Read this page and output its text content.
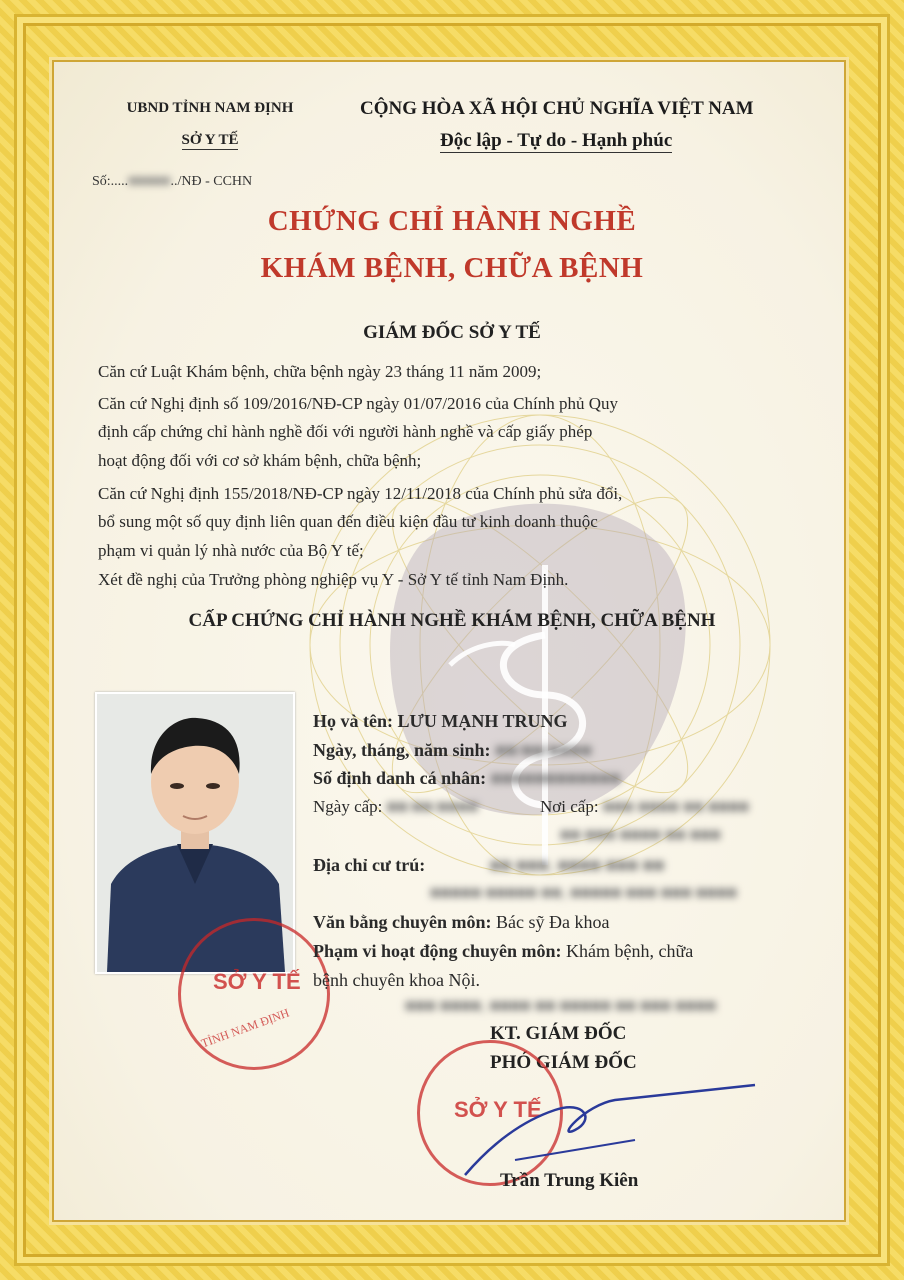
UBND TỈNH NAM ĐỊNH
SỞ Y TẾ
Số:.....■■■■■../NĐ - CCHN
CỘNG HÒA XÃ HỘI CHỦ NGHĨA VIỆT NAM
Độc lập - Tự do - Hạnh phúc
CHỨNG CHỈ HÀNH NGHỀ
KHÁM BỆNH, CHỮA BỆNH
GIÁM ĐỐC SỞ Y TẾ
Căn cứ Luật Khám bệnh, chữa bệnh ngày 23 tháng 11 năm 2009;
Căn cứ Nghị định số 109/2016/NĐ-CP ngày 01/07/2016 của Chính phủ Quy
định cấp chứng chỉ hành nghề đối với người hành nghề và cấp giấy phép
hoạt động đối với cơ sở khám bệnh, chữa bệnh;
Căn cứ Nghị định 155/2018/NĐ-CP ngày 12/11/2018 của Chính phủ sửa đổi,
bổ sung một số quy định liên quan đến điều kiện đầu tư kinh doanh thuộc
phạm vi quản lý nhà nước của Bộ Y tế;
Xét đề nghị của Trưởng phòng nghiệp vụ Y - Sở Y tế tỉnh Nam Định.
CẤP CHỨNG CHỈ HÀNH NGHỀ KHÁM BỆNH, CHỮA BỆNH
SỞ Y TẾ
TỈNH NAM ĐỊNH
Họ và tên: LƯU MẠNH TRUNG
Ngày, tháng, năm sinh: ■■/■■/■■■■
Số định danh cá nhân: ■■■■■■■■■■■■
Ngày cấp: ■■/■■/■■■■	Nơi cấp: ■■■ ■■■■ ■■ ■■■■
■■ ■■■ ■■■■ ■■ ■■■
Địa chỉ cư trú:	■■ ■■■, ■■■■ ■■■ ■■
■■■■■ ■■■■■ ■■, ■■■■■ ■■■ ■■■ ■■■■
Văn bằng chuyên môn: Bác sỹ Đa khoa
Phạm vi hoạt động chuyên môn: Khám bệnh, chữa
bệnh chuyên khoa Nội.
■■■ ■■■■, ■■■■ ■■ ■■■■■ ■■ ■■■ ■■■■
KT. GIÁM ĐỐC
PHÓ GIÁM ĐỐC
SỞ Y TẾ
Trần Trung Kiên
